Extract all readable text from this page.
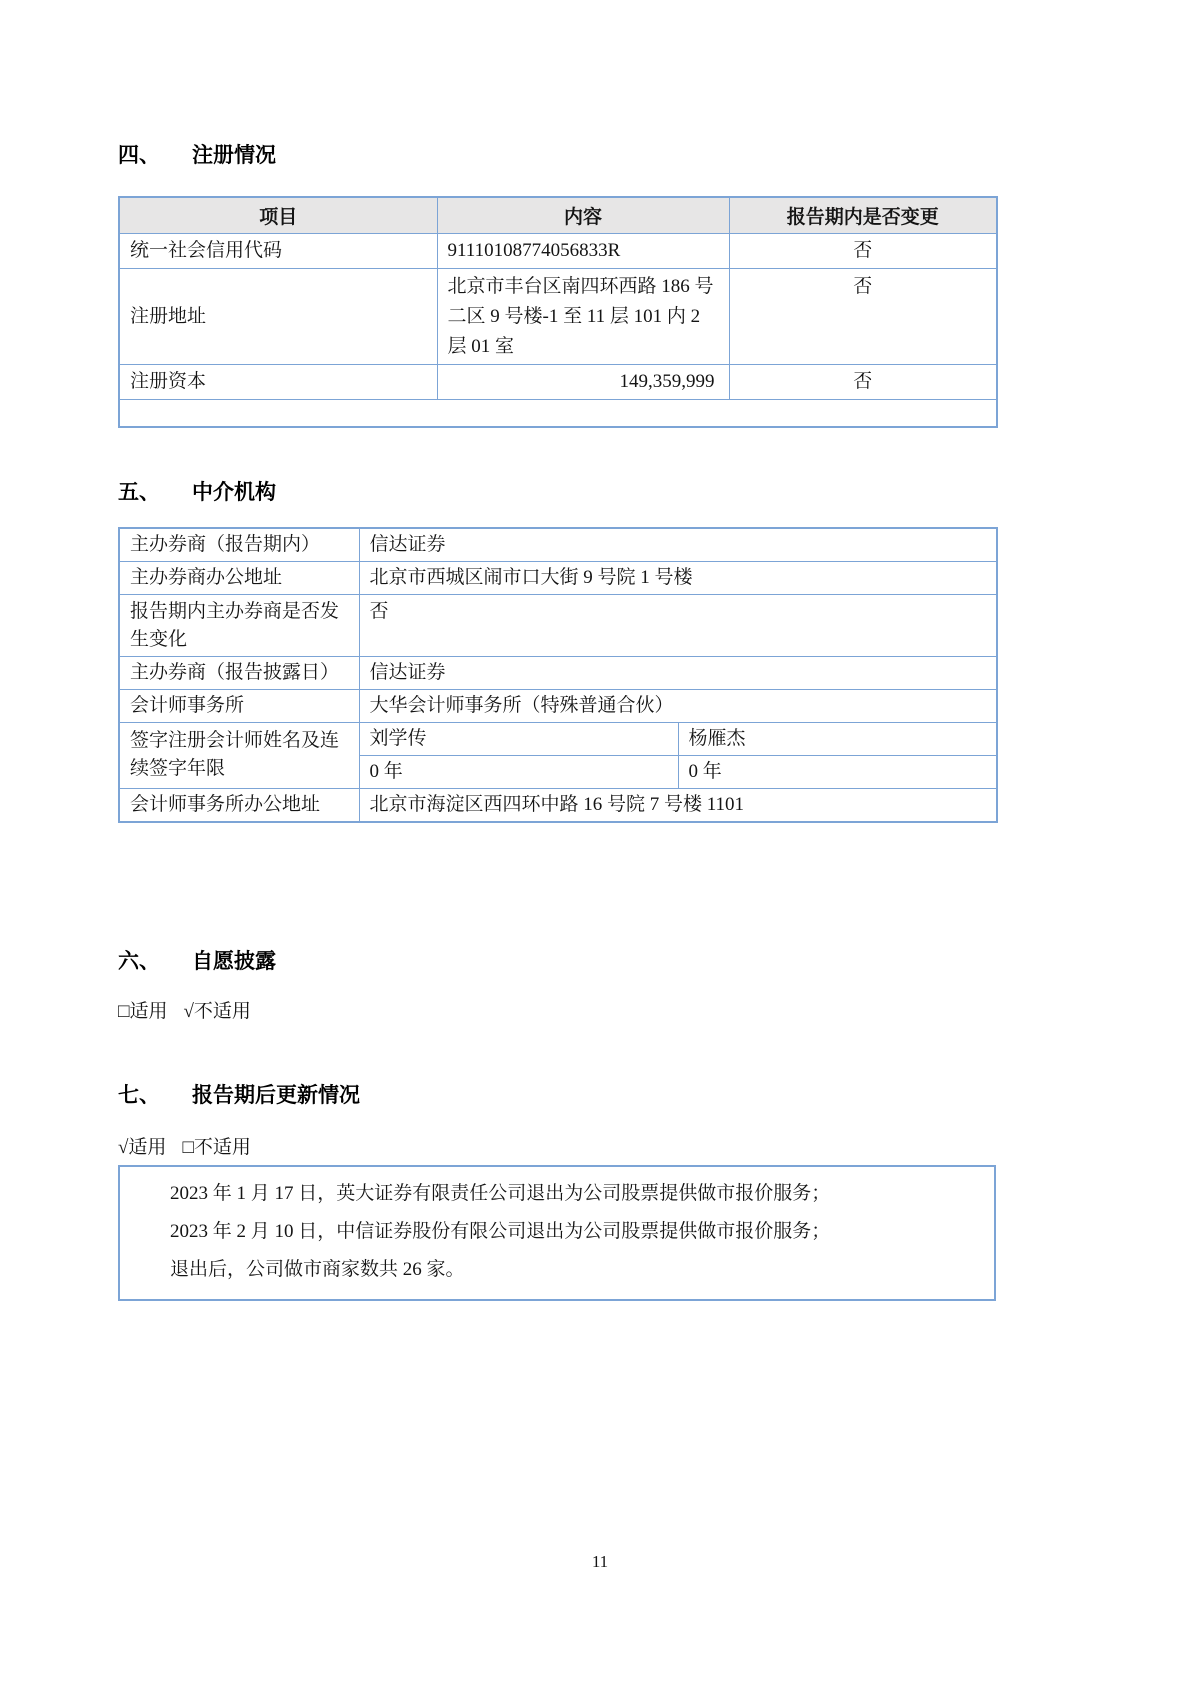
四、	注册情况
项目	内容	报告期内是否变更
统一社会信用代码	91110108774056833R	否
注册地址	北京市丰台区南四环西路 186 号二区 9 号楼-1 至 11 层 101 内 2 层 01 室	否
注册资本	149,359,999	否

五、	中介机构
主办券商（报告期内）	信达证券	
主办券商办公地址	北京市西城区闹市口大街 9 号院 1 号楼	
报告期内主办券商是否发生变化	否	
主办券商（报告披露日）	信达证券	
会计师事务所	大华会计师事务所（特殊普通合伙）	
签字注册会计师姓名及连续签字年限	刘学传	杨雁杰
	0 年	0 年
会计师事务所办公地址	北京市海淀区西四环中路 16 号院 7 号楼 1101	
六、	自愿披露
□适用 √不适用
七、	报告期后更新情况
√适用 □不适用

2023 年 1 月 17 日，英大证券有限责任公司退出为公司股票提供做市报价服务；

2023 年 2 月 10 日，中信证券股份有限公司退出为公司股票提供做市报价服务；

退出后，公司做市商家数共 26 家。

11
